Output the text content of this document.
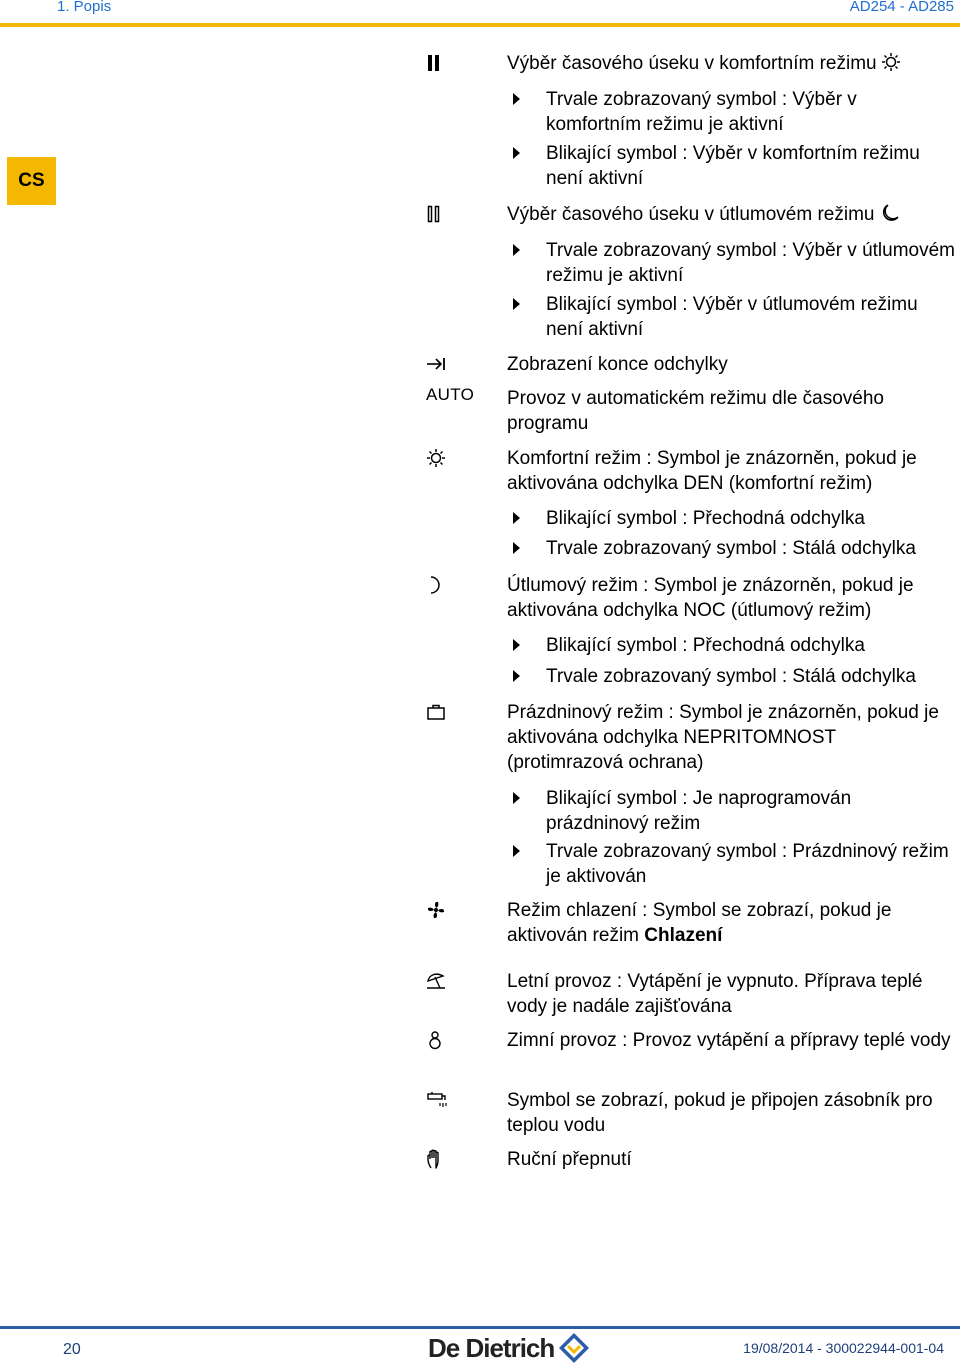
1. Popis	AD254 - AD285
CS
Výběr časového úseku v komfortním režimu
Trvale zobrazovaný symbol : Výběr v komfortním režimu je aktivní
Blikající symbol : Výběr v komfortním režimu není aktivní
Výběr časového úseku v útlumovém režimu
Trvale zobrazovaný symbol : Výběr v útlumovém režimu je aktivní
Blikající symbol : Výběr v útlumovém režimu není aktivní
Zobrazení konce odchylky
AUTO Provoz v automatickém režimu dle časového programu
Komfortní režim : Symbol je znázorněn, pokud je aktivována odchylka DEN (komfortní režim)
Blikající symbol : Přechodná odchylka
Trvale zobrazovaný symbol : Stálá odchylka
Útlumový režim : Symbol je znázorněn, pokud je aktivována odchylka NOC (útlumový režim)
Blikající symbol : Přechodná odchylka
Trvale zobrazovaný symbol : Stálá odchylka
Prázdninový režim : Symbol je znázorněn, pokud je aktivována odchylka NEPRITOMNOST (protimrazová ochrana)
Blikající symbol : Je naprogramován prázdninový režim
Trvale zobrazovaný symbol : Prázdninový režim je aktivován
Režim chlazení : Symbol se zobrazí, pokud je aktivován režim Chlazení
Letní provoz : Vytápění je vypnuto. Příprava teplé vody je nadále zajišťována
Zimní provoz : Provoz vytápění a přípravy teplé vody
Symbol se zobrazí, pokud je připojen zásobník pro teplou vodu
Ruční přepnutí
20	De Dietrich	19/08/2014 - 300022944-001-04
